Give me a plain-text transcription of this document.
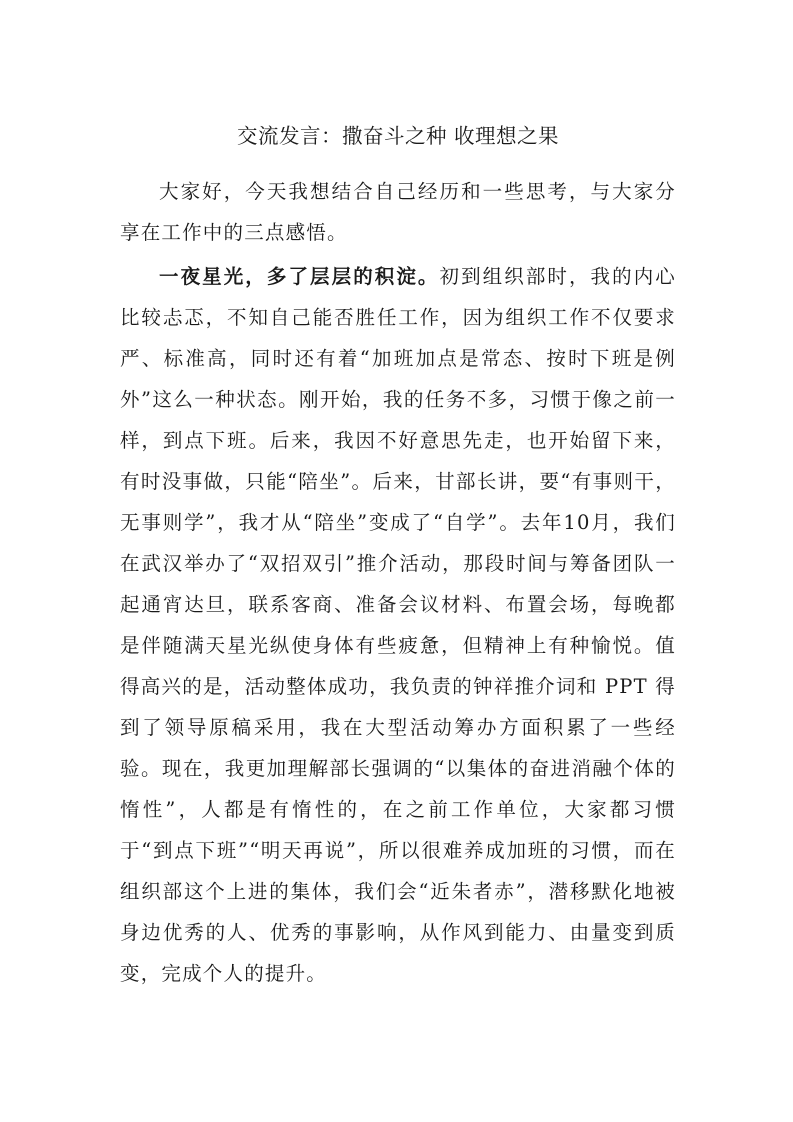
交流发言：撒奋斗之种 收理想之果

大家好，今天我想结合自己经历和一些思考，与大家分享在工作中的三点感悟。

一夜星光，多了层层的积淀。初到组织部时，我的内心比较忐忑，不知自己能否胜任工作，因为组织工作不仅要求严、标准高，同时还有着“加班加点是常态、按时下班是例外”这么一种状态。刚开始，我的任务不多，习惯于像之前一样，到点下班。后来，我因不好意思先走，也开始留下来，有时没事做，只能“陪坐”。后来，甘部长讲，要“有事则干，无事则学”，我才从“陪坐”变成了“自学”。去年10月，我们在武汉举办了“双招双引”推介活动，那段时间与筹备团队一起通宵达旦，联系客商、准备会议材料、布置会场，每晚都是伴随满天星光纵使身体有些疲惫，但精神上有种愉悦。值得高兴的是，活动整体成功，我负责的钟祥推介词和 PPT 得到了领导原稿采用，我在大型活动筹办方面积累了一些经验。现在，我更加理解部长强调的“以集体的奋进消融个体的惰性”，人都是有惰性的，在之前工作单位，大家都习惯于“到点下班”“明天再说”，所以很难养成加班的习惯，而在组织部这个上进的集体，我们会“近朱者赤”，潜移默化地被身边优秀的人、优秀的事影响，从作风到能力、由量变到质变，完成个人的提升。
